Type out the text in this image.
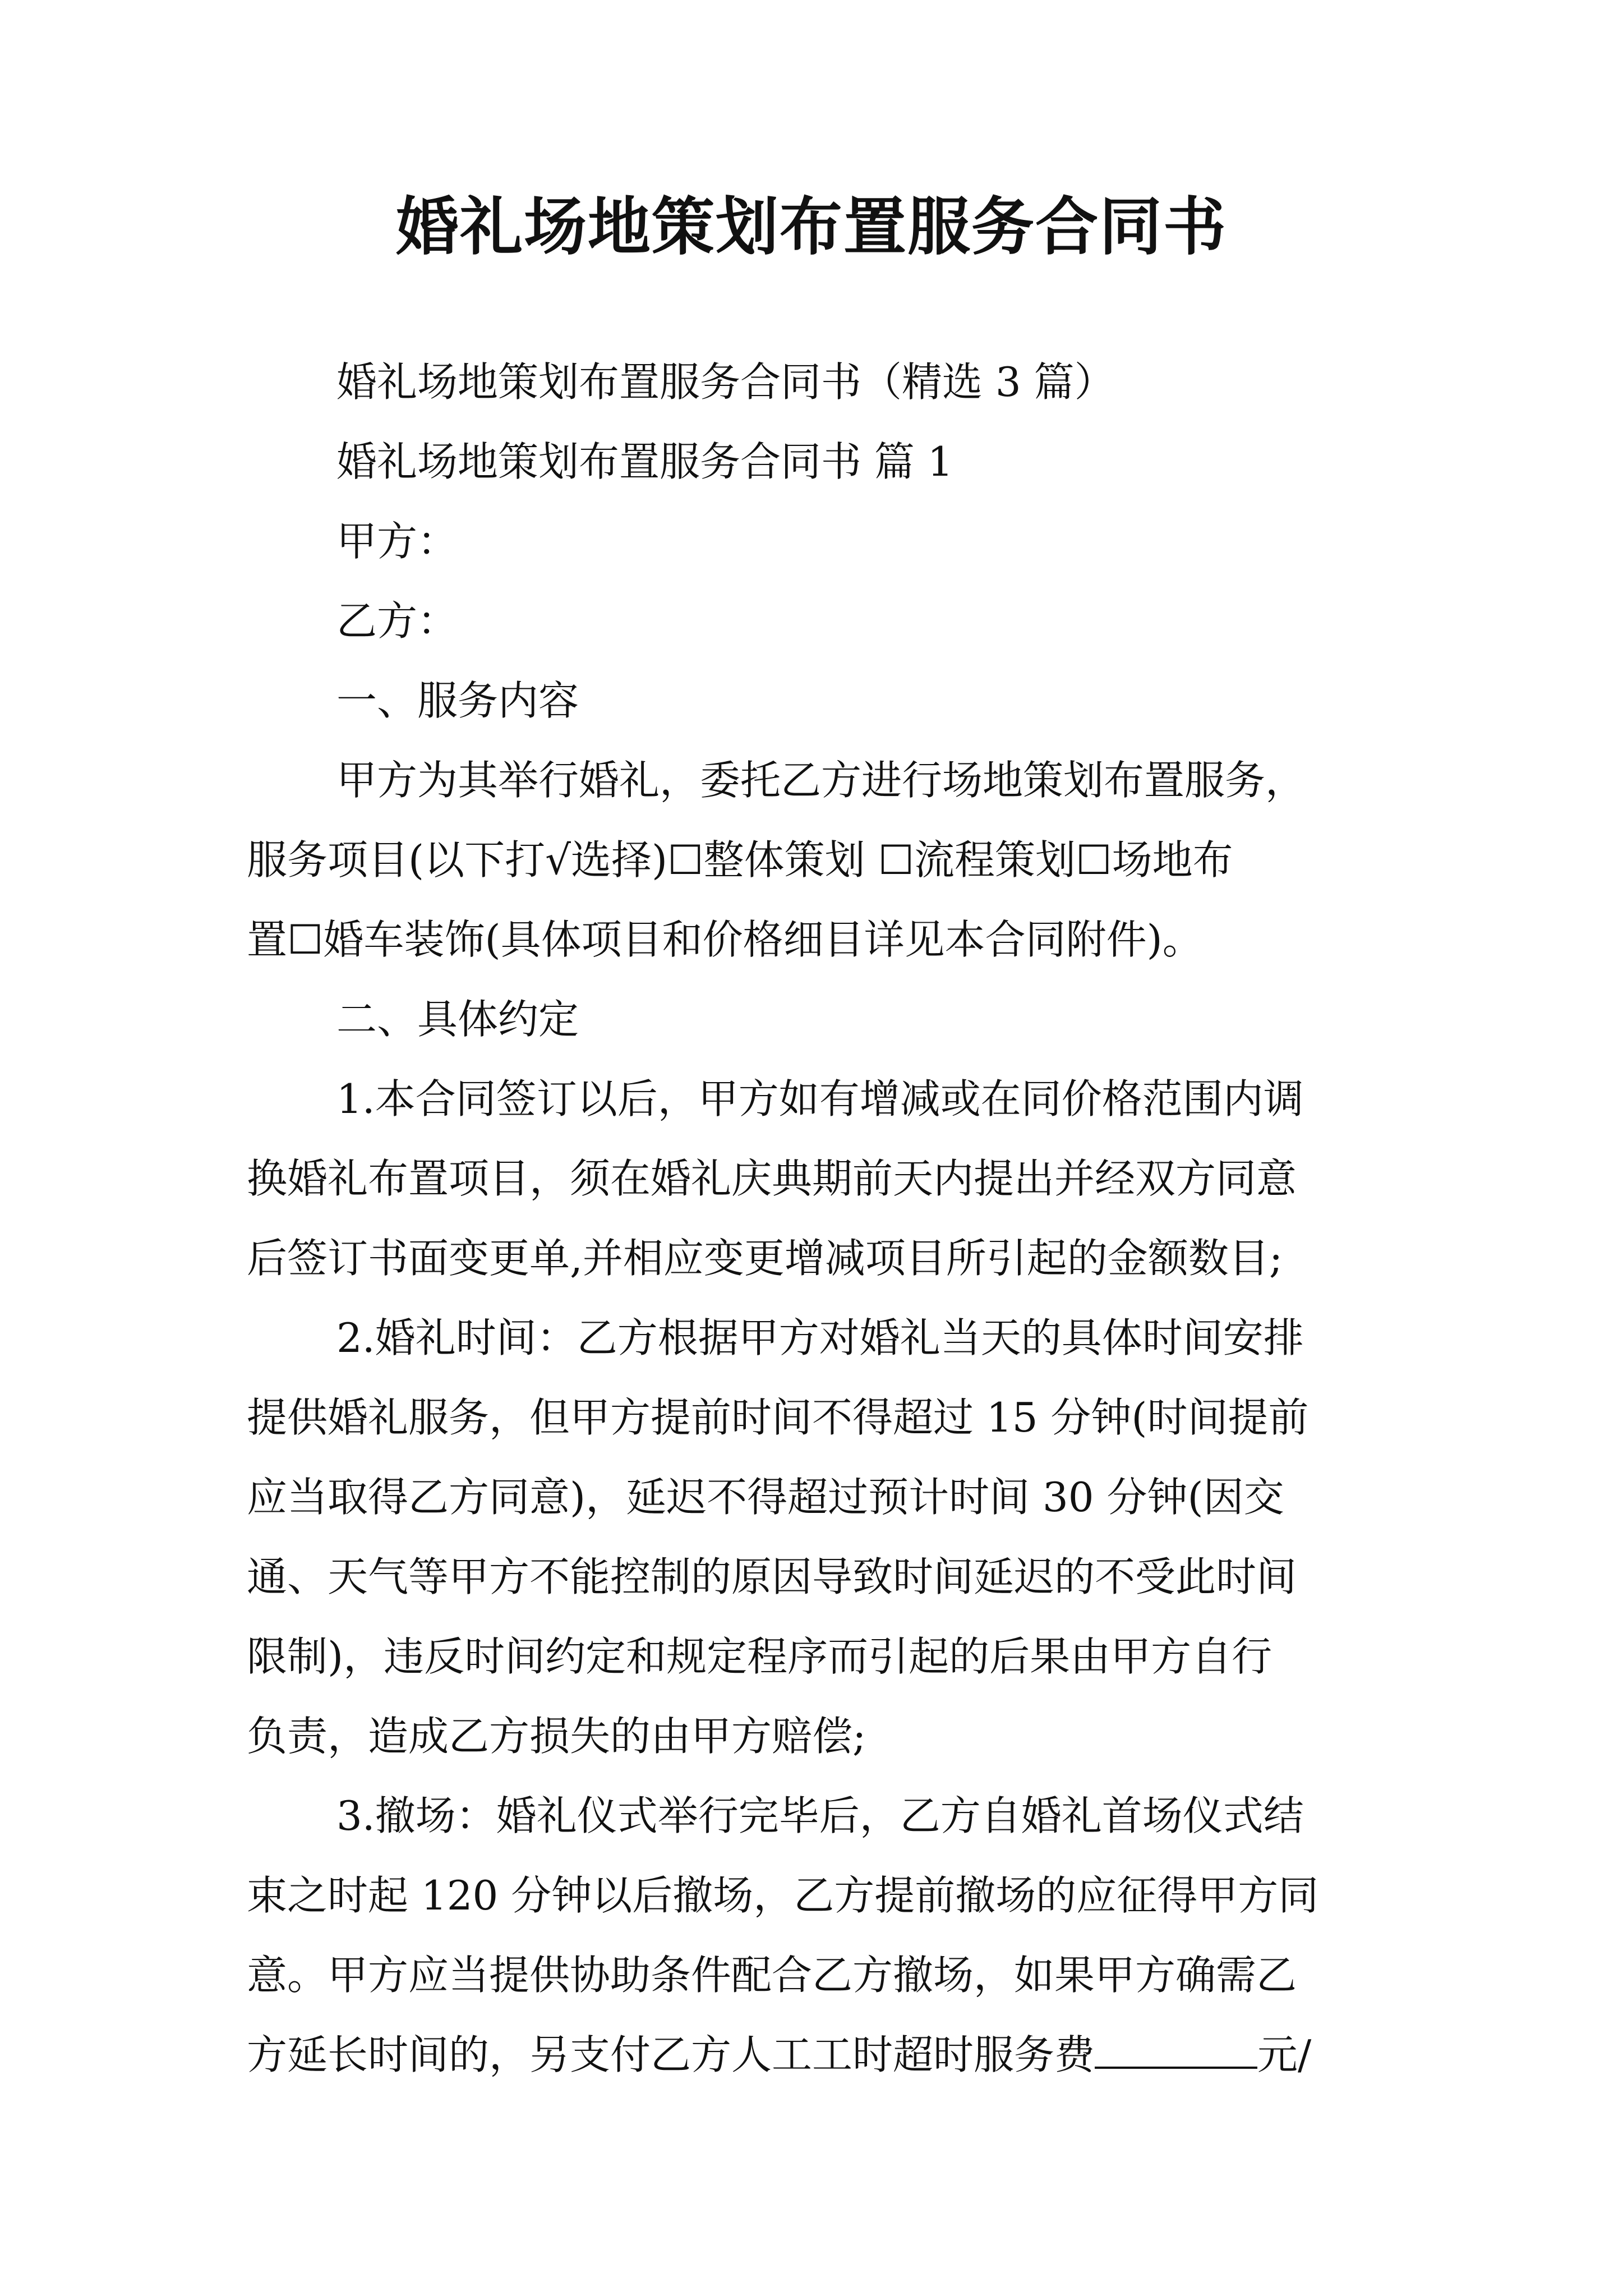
婚礼场地策划布置服务合同书

婚礼场地策划布置服务合同书（精选 3 篇）

婚礼场地策划布置服务合同书 篇 1

甲方：

乙方：

一、服务内容

甲方为其举行婚礼，委托乙方进行场地策划布置服务，

服务项目(以下打√选择)☐整体策划 ☐流程策划☐场地布

置☐婚车装饰(具体项目和价格细目详见本合同附件)。

二、具体约定

1.本合同签订以后，甲方如有增减或在同价格范围内调

换婚礼布置项目，须在婚礼庆典期前天内提出并经双方同意

后签订书面变更单,并相应变更增减项目所引起的金额数目;

2.婚礼时间：乙方根据甲方对婚礼当天的具体时间安排

提供婚礼服务，但甲方提前时间不得超过 15 分钟(时间提前

应当取得乙方同意)，延迟不得超过预计时间 30 分钟(因交

通、天气等甲方不能控制的原因导致时间延迟的不受此时间

限制)，违反时间约定和规定程序而引起的后果由甲方自行

负责，造成乙方损失的由甲方赔偿;

3.撤场：婚礼仪式举行完毕后，乙方自婚礼首场仪式结

束之时起 120 分钟以后撤场，乙方提前撤场的应征得甲方同

意。甲方应当提供协助条件配合乙方撤场，如果甲方确需乙

方延长时间的，另支付乙方人工工时超时服务费	元/
